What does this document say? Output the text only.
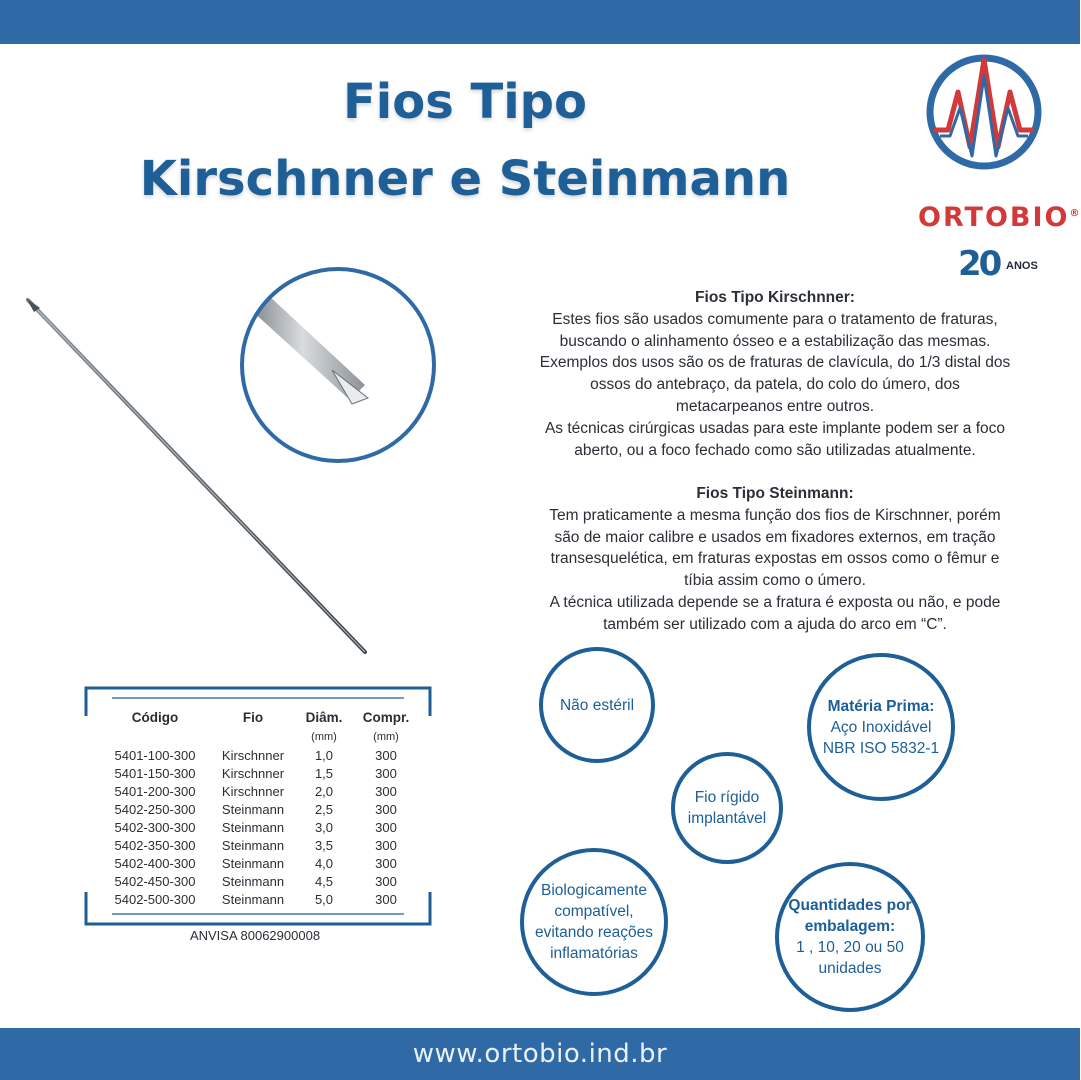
Fios Tipo
Kirschnner e Steinmann
ORTOBIO®
20 ANOS
Fios Tipo Kirschnner:
Estes fios são usados comumente para o tratamento de fraturas,
buscando o alinhamento ósseo e a estabilização das mesmas.
Exemplos dos usos são os de fraturas de clavícula, do 1/3 distal dos
ossos do antebraço, da patela, do colo do úmero, dos
metacarpeanos entre outros.
As técnicas cirúrgicas usadas para este implante podem ser a foco
aberto, ou a foco fechado como são utilizadas atualmente.
Fios Tipo Steinmann:
Tem praticamente a mesma função dos fios de Kirschnner, porém
são de maior calibre e usados em fixadores externos, em tração
transesquelética, em fraturas expostas em ossos como o fêmur e
tíbia assim como o úmero.
A técnica utilizada depende se a fratura é exposta ou não, e pode
também ser utilizado com a ajuda do arco em “C”.
Não estéril	Matéria Prima:
Aço Inoxidável
NBR ISO 5832-1
Fio rígido
implantável
Biologicamente
compatível,
evitando reações
inflamatórias
Quantidades por
embalagem:
1 , 10, 20 ou 50
unidades
Código	Fio	Diâm.	Compr.
		(mm)	(mm)
5401-100-300	Kirschnner	1,0	300
5401-150-300	Kirschnner	1,5	300
5401-200-300	Kirschnner	2,0	300
5402-250-300	Steinmann	2,5	300
5402-300-300	Steinmann	3,0	300
5402-350-300	Steinmann	3,5	300
5402-400-300	Steinmann	4,0	300
5402-450-300	Steinmann	4,5	300
5402-500-300	Steinmann	5,0	300
ANVISA 80062900008
www.ortobio.ind.br
